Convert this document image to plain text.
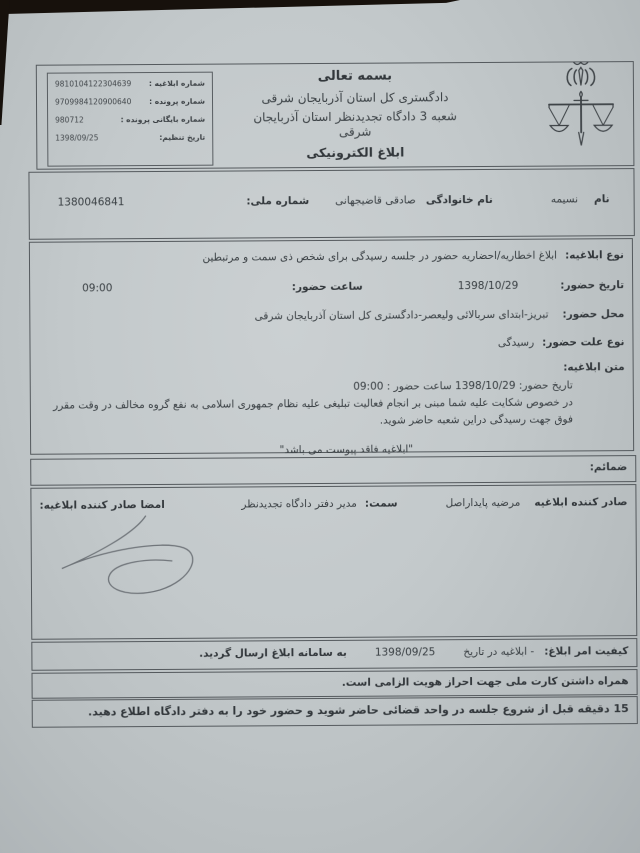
شماره ابلاغیه :
9810104122304639
شماره پرونده :
9709984120900640
شماره بایگانی پرونده :
980712
تاریخ تنظیم:
1398/09/25
بسمه تعالی
دادگستری کل استان آذربایجان شرقی
شعبه 3 دادگاه تجدیدنظر استان آذربایجان
شرقی
ابلاغ الکترونیکی
نام
نسیمه
نام خانوادگی
صادقی قاضیجهانی
شماره ملی:
1380046841
نوع ابلاغیه:
ابلاغ اخطاریه/احضاریه حضور در جلسه رسیدگی برای شخص ذی سمت و مرتبطین
تاریخ حضور:
1398/10/29
ساعت حضور:
09:00
محل حضور:
تبریز-ابتدای سربالائی ولیعصر-دادگستری کل استان آذربایجان شرقی
نوع علت حضور:
رسیدگی
متن ابلاغیه:
تاریخ حضور: 1398/10/29 ساعت حضور : 09:00
در خصوص شکایت علیه شما مبنی بر انجام فعالیت تبلیغی علیه نظام جمهوری اسلامی به نفع گروه مخالف در وقت مقرر فوق جهت رسیدگی دراین شعبه حاضر شوید.
"ابلاغیه فاقد پیوست می باشد"
ضمائم:
صادر کننده ابلاغیه
مرضیه پایداراصل
سمت:
مدیر دفتر دادگاه تجدیدنظر
امضا صادر کننده ابلاغیه:
کیفیت امر ابلاغ:
- ابلاغیه در تاریخ
1398/09/25
به سامانه ابلاغ ارسال گردید.
همراه داشتن کارت ملی جهت احراز هویت الزامی است.
15 دقیقه قبل از شروع جلسه در واحد قضائی حاضر شوید و حضور خود را به دفتر دادگاه اطلاع دهید.
